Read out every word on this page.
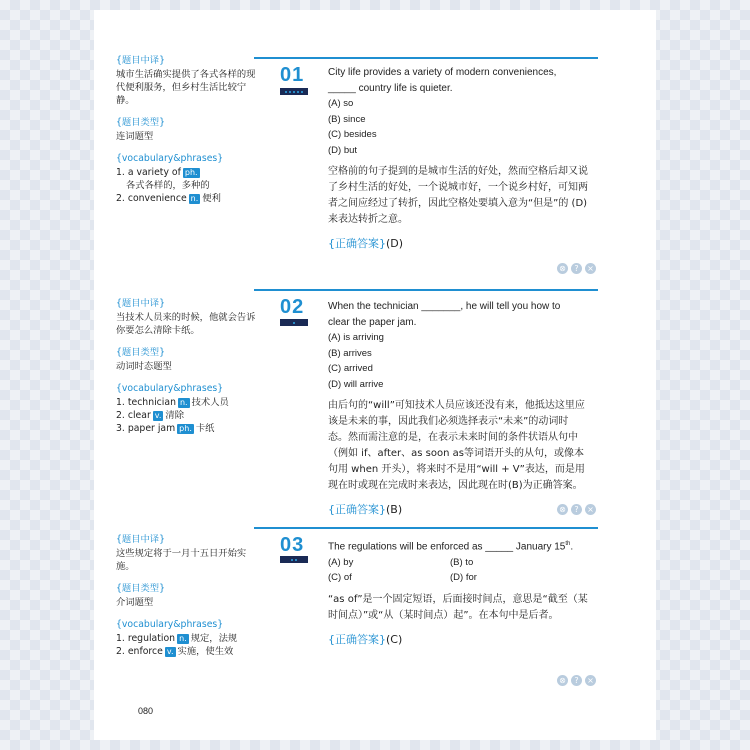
{题目中译}
城市生活确实提供了各式各样的现代便利服务，但乡村生活比较宁静。
{题目类型}
连词题型
{vocabulary&phrases}
1. a variety of ph.
各式各样的，多种的
2. convenience n. 便利
01 City life provides a variety of modern conveniences,
_____ country life is quieter.
(A) so
(B) since
(C) besides
(D) but
空格前的句子提到的是城市生活的好处，然而空格后却又说了乡村生活的好处，一个说城市好，一个说乡村好，可知两者之间应经过了转折，因此空格处要填入意为“但是”的 (D) 来表达转折之意。
{正确答案}(D)
⊗	?	×
{题目中译}
当技术人员来的时候，他就会告诉你要怎么清除卡纸。
{题目类型}
动词时态题型
{vocabulary&phrases}
1. technician n. 技术人员
2. clear v. 清除
3. paper jam ph. 卡纸
02 When the technician _______, he will tell you how to
clear the paper jam.
(A) is arriving
(B) arrives
(C) arrived
(D) will arrive
由后句的“will”可知技术人员应该还没有来，他抵达这里应该是未来的事，因此我们必须选择表示“未来”的动词时态。然而需注意的是，在表示未来时间的条件状语从句中（例如 if、after、as soon as等词语开头的从句，或像本句用 when 开头），将来时不是用“will + V”表达，而是用现在时或现在完成时来表达，因此现在时(B)为正确答案。
{正确答案}(B)	⊗	?	×
{题目中译}
这些规定将于一月十五日开始实施。
{题目类型}
介词题型
{vocabulary&phrases}
1. regulation n. 规定，法规
2. enforce v. 实施，使生效
03 The regulations will be enforced as _____ January 15th.
(A) by	(B) to
(C) of	(D) for
“as of”是一个固定短语，后面接时间点，意思是“截至（某时间点）”或“从（某时间点）起”。在本句中是后者。
{正确答案}(C)
⊗	?	×
080
